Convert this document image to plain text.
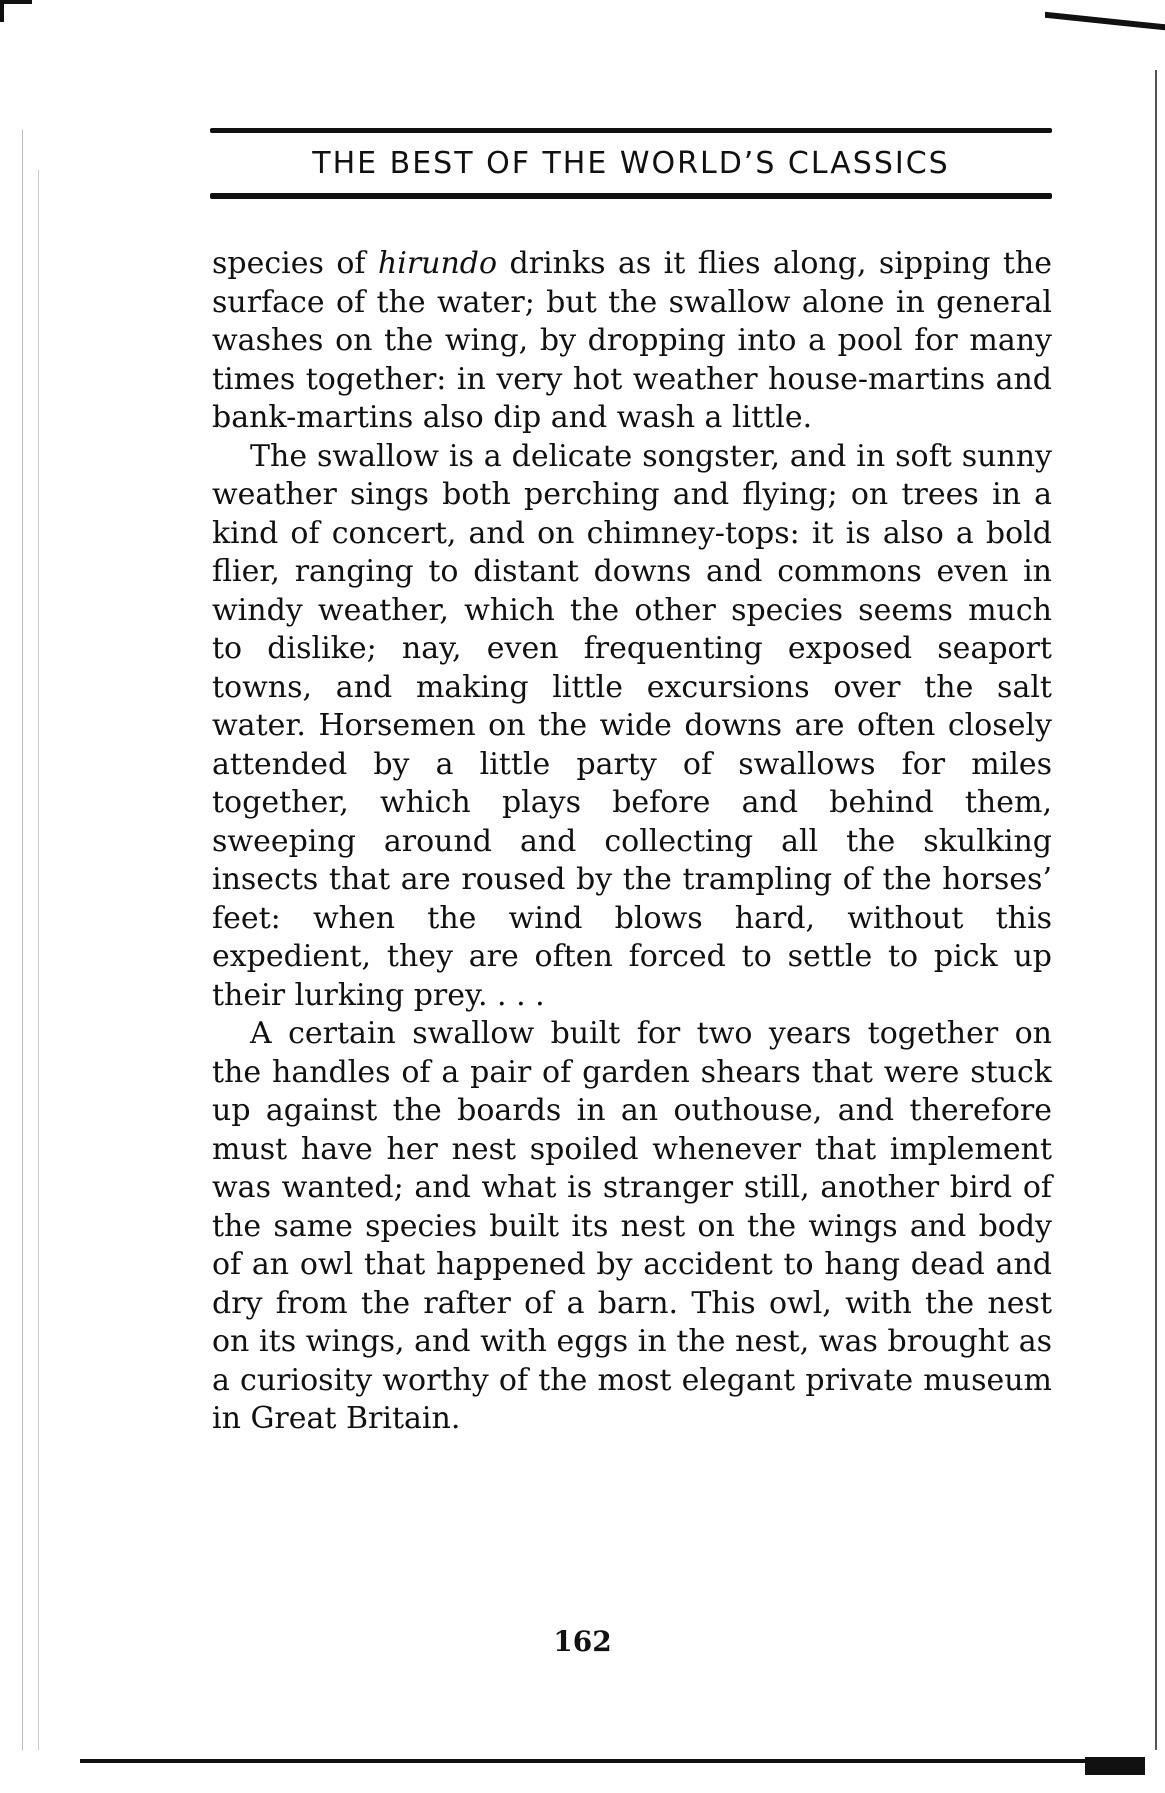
THE BEST OF THE WORLD’S CLASSICS

species of hirundo drinks as it flies along, sipping the surface of the water; but the swallow alone in general washes on the wing, by dropping into a pool for many times together: in very hot weather house-martins and bank-martins also dip and wash a little.

The swallow is a delicate songster, and in soft sunny weather sings both perching and flying; on trees in a kind of concert, and on chimney-tops: it is also a bold flier, ranging to distant downs and commons even in windy weather, which the other species seems much to dislike; nay, even frequenting exposed seaport towns, and making little excursions over the salt water. Horsemen on the wide downs are often closely attended by a little party of swallows for miles together, which plays before and behind them, sweeping around and collecting all the skulking insects that are roused by the trampling of the horses’ feet: when the wind blows hard, without this expedient, they are often forced to settle to pick up their lurking prey. . . .

A certain swallow built for two years together on the handles of a pair of garden shears that were stuck up against the boards in an outhouse, and therefore must have her nest spoiled whenever that implement was wanted; and what is stranger still, another bird of the same species built its nest on the wings and body of an owl that happened by accident to hang dead and dry from the rafter of a barn. This owl, with the nest on its wings, and with eggs in the nest, was brought as a curiosity worthy of the most elegant private museum in Great Britain.

162
